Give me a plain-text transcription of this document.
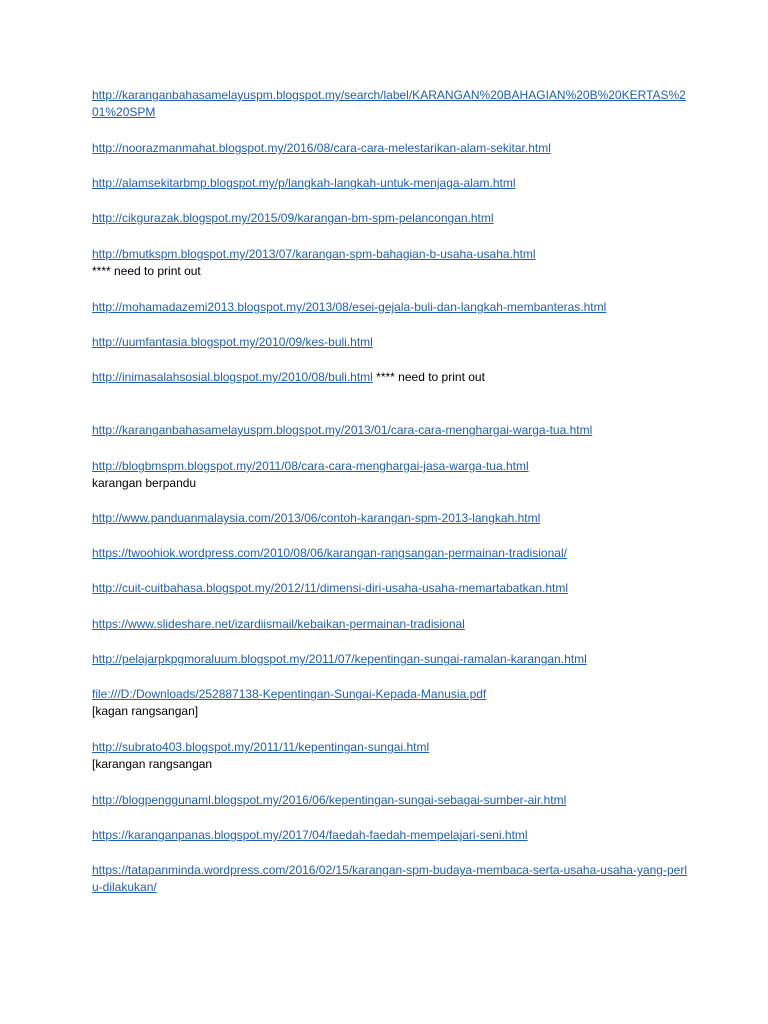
http://karanganbahasamelayuspm.blogspot.my/search/label/KARANGAN%20BAHAGIAN%20B%20KERTAS%201%20SPM
http://noorazmanmahat.blogspot.my/2016/08/cara-cara-melestarikan-alam-sekitar.html
http://alamsekitarbmp.blogspot.my/p/langkah-langkah-untuk-menjaga-alam.html
http://cikgurazak.blogspot.my/2015/09/karangan-bm-spm-pelancongan.html
http://bmutkspm.blogspot.my/2013/07/karangan-spm-bahagian-b-usaha-usaha.html
**** need to print out
http://mohamadazemi2013.blogspot.my/2013/08/esei-gejala-buli-dan-langkah-membanteras.html
http://uumfantasia.blogspot.my/2010/09/kes-buli.html
http://inimasalahsosial.blogspot.my/2010/08/buli.html **** need to print out
http://karanganbahasamelayuspm.blogspot.my/2013/01/cara-cara-menghargai-warga-tua.html
http://blogbmspm.blogspot.my/2011/08/cara-cara-menghargai-jasa-warga-tua.html
karangan berpandu
http://www.panduanmalaysia.com/2013/06/contoh-karangan-spm-2013-langkah.html
https://twoohiok.wordpress.com/2010/08/06/karangan-rangsangan-permainan-tradisional/
http://cuit-cuitbahasa.blogspot.my/2012/11/dimensi-diri-usaha-usaha-memartabatkan.html
https://www.slideshare.net/izardiismail/kebaikan-permainan-tradisional
http://pelajarpkpgmoraluum.blogspot.my/2011/07/kepentingan-sungai-ramalan-karangan.html
file:///D:/Downloads/252887138-Kepentingan-Sungai-Kepada-Manusia.pdf
[kagan rangsangan]
http://subrato403.blogspot.my/2011/11/kepentingan-sungai.html
[karangan rangsangan
http://blogpenggunaml.blogspot.my/2016/06/kepentingan-sungai-sebagai-sumber-air.html
https://karanganpanas.blogspot.my/2017/04/faedah-faedah-mempelajari-seni.html
https://tatapanminda.wordpress.com/2016/02/15/karangan-spm-budaya-membaca-serta-usaha-usaha-yang-perlu-dilakukan/
